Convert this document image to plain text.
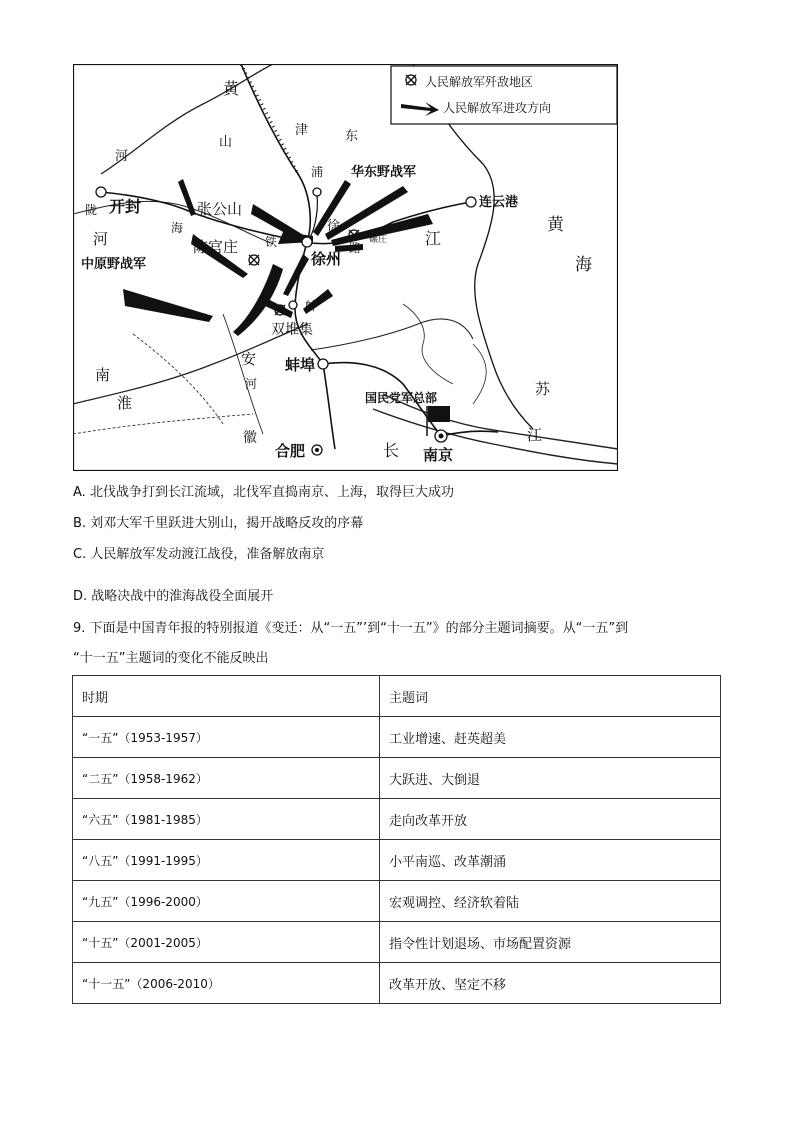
人民解放军歼敌地区
人民解放军进攻方向
黄
河
山
津	东
浦 华东野战军
开封
陇
海
张公山
陈官庄 铁
徐
碾庄
路
徐州
河
中原野战军
连云港
黄
海
江
蚌
双堆集
安
河
南
淮
蚌埠
国民党军总部	苏
江
徽
合肥	长 南京
A. 北伐战争打到长江流域，北伐军直捣南京、上海，取得巨大成功
B. 刘邓大军千里跃进大别山，揭开战略反攻的序幕
C. 人民解放军发动渡江战役，准备解放南京
D. 战略决战中的淮海战役全面展开
9. 下面是中国青年报的特别报道《变迁：从“一五”’到“十一五”》的部分主题词摘要。从“一五”到
“十一五”主题词的变化不能反映出
时期	主题词
“一五”（1953-1957）	工业增速、赶英超美
“二五”（1958-1962）	大跃进、大倒退
“六五”（1981-1985）	走向改革开放
“八五”（1991-1995）	小平南巡、改革潮涌
“九五”（1996-2000）	宏观调控、经济软着陆
“十五”（2001-2005）	指令性计划退场、市场配置资源
“十一五”（2006-2010）	改革开放、坚定不移
